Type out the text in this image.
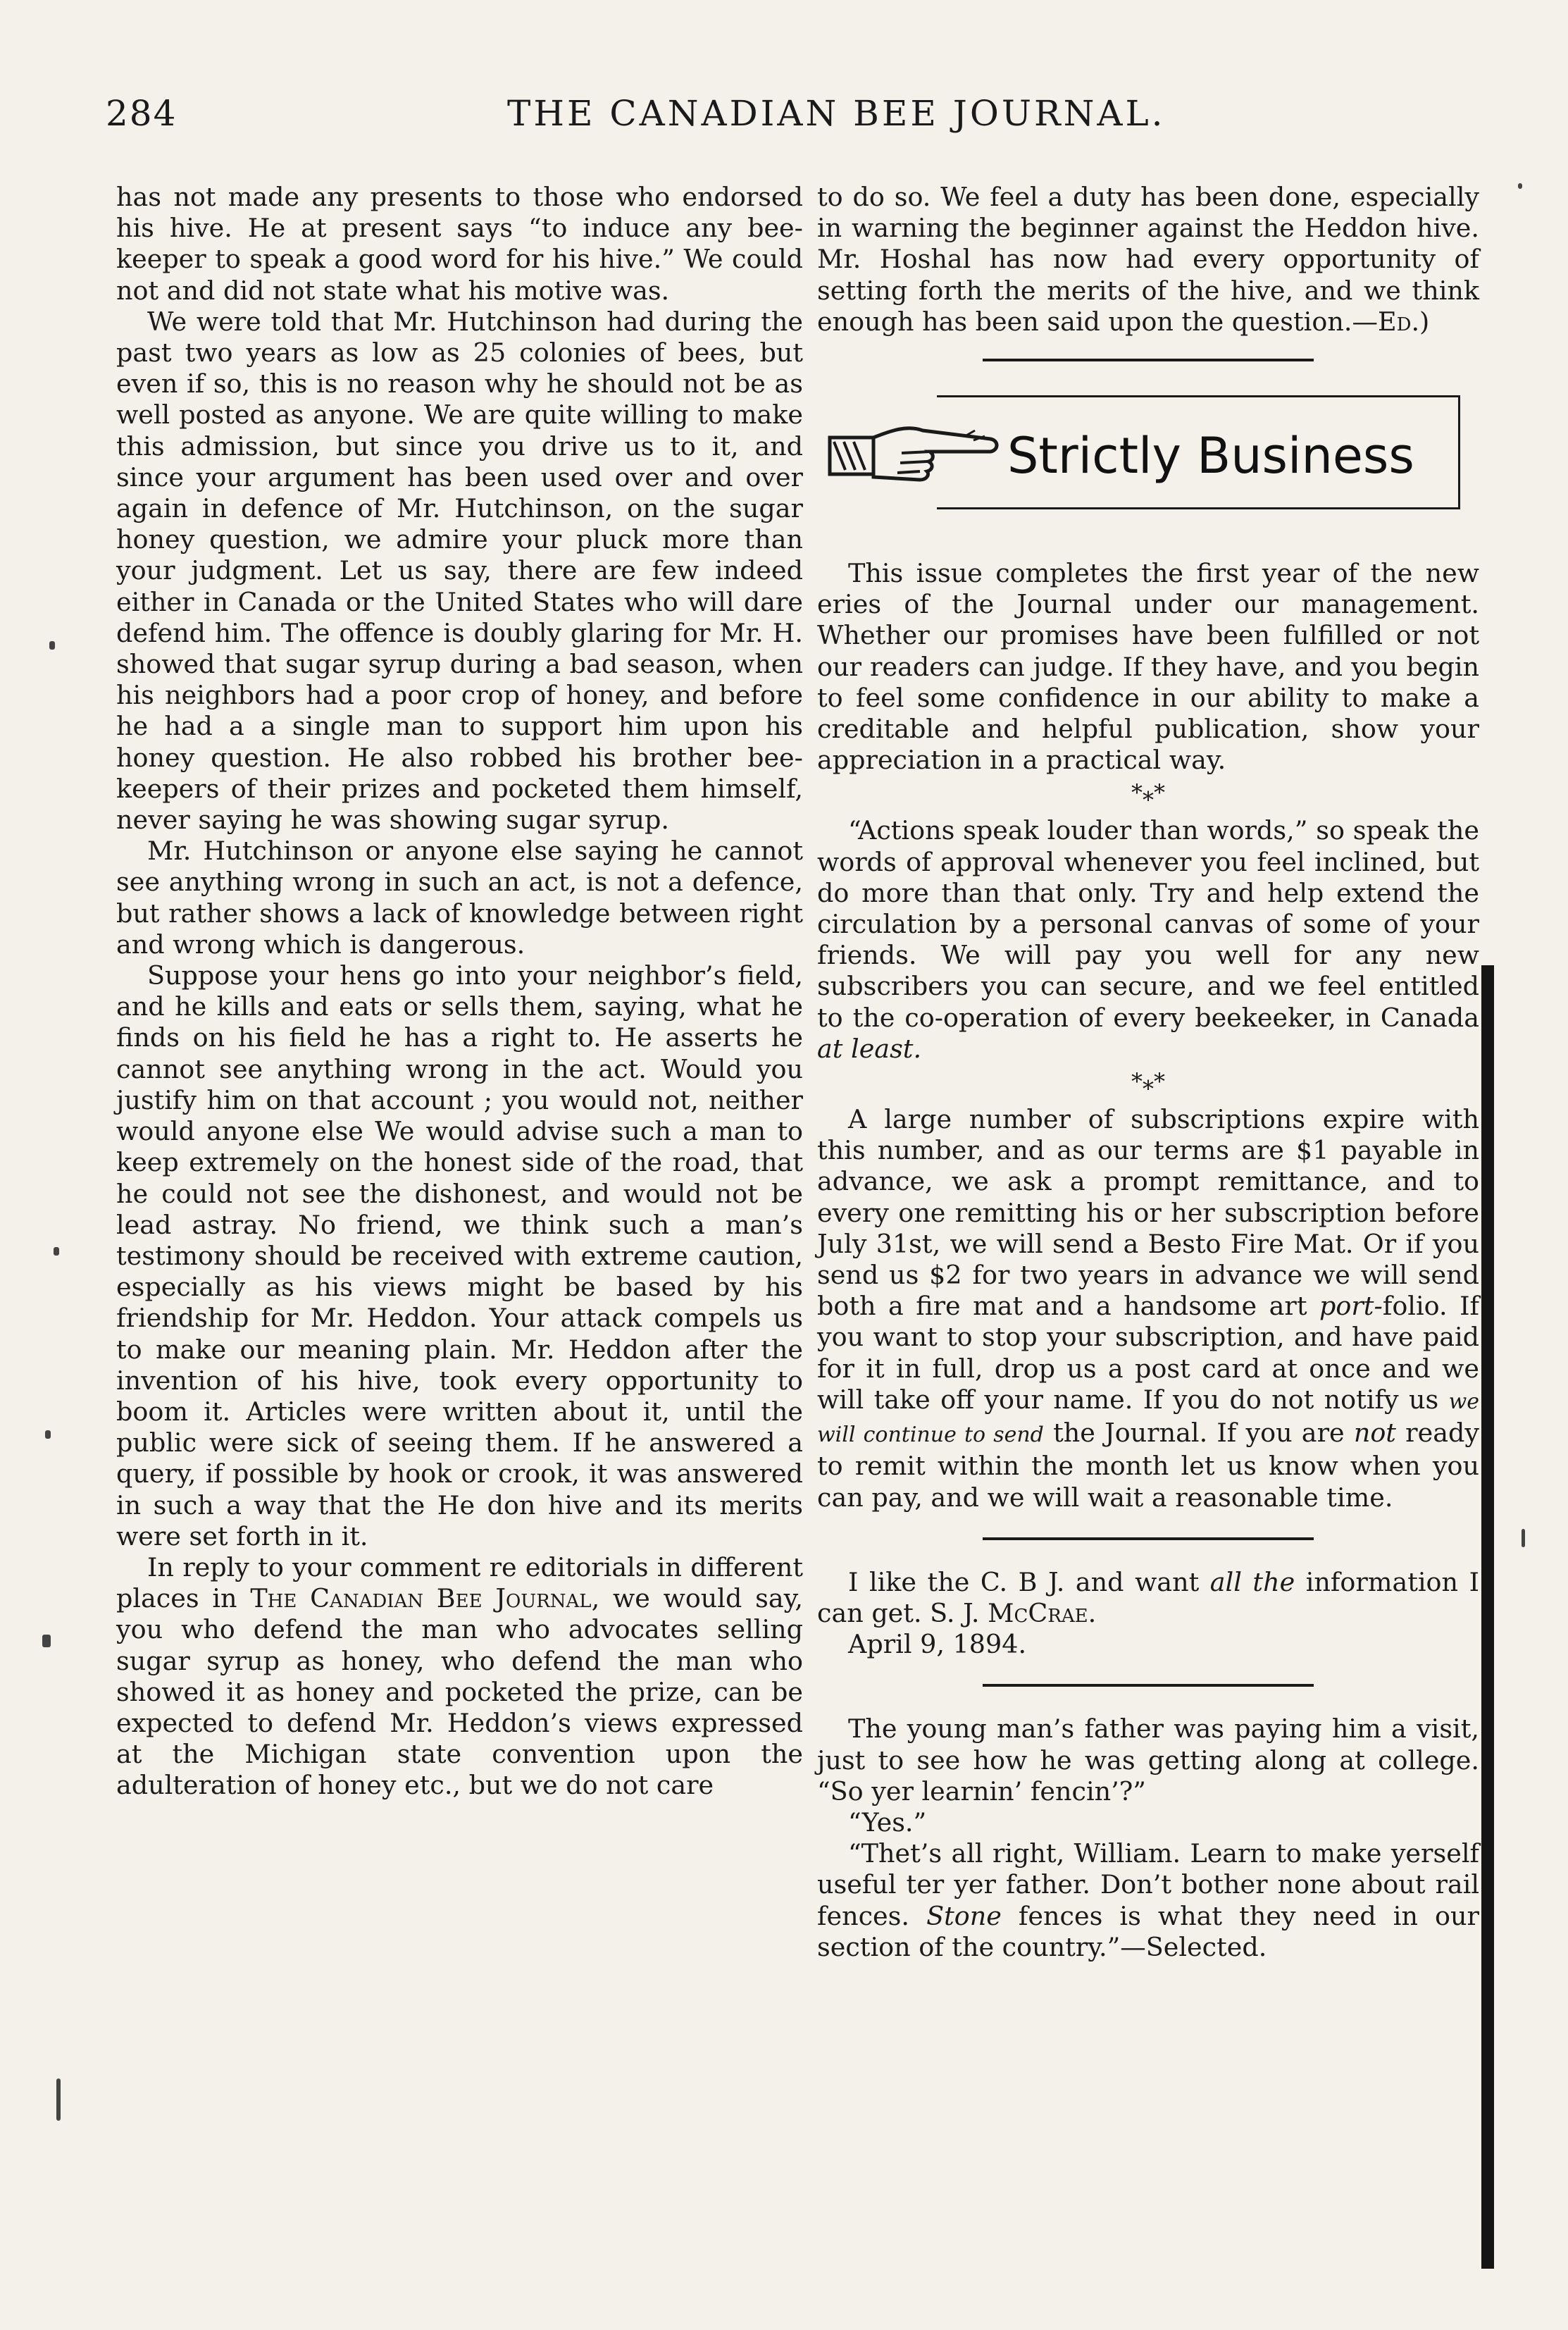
284	THE CANADIAN BEE JOURNAL.

has not made any presents to those who endorsed his hive. He at present says “to induce any bee-keeper to speak a good word for his hive.” We could not and did not state what his motive was.

We were told that Mr. Hutchinson had during the past two years as low as 25 colonies of bees, but even if so, this is no reason why he should not be as well posted as anyone. We are quite willing to make this admission, but since you drive us to it, and since your argument has been used over and over again in defence of Mr. Hutchinson, on the sugar honey question, we admire your pluck more than your judgment. Let us say, there are few indeed either in Canada or the United States who will dare defend him. The offence is doubly glaring for Mr. H. showed that sugar syrup during a bad season, when his neighbors had a poor crop of honey, and before he had a a single man to support him upon his honey question. He also robbed his brother bee-keepers of their prizes and pocketed them himself, never saying he was showing sugar syrup.

Mr. Hutchinson or anyone else saying he cannot see anything wrong in such an act, is not a defence, but rather shows a lack of knowledge between right and wrong which is dangerous.

Suppose your hens go into your neighbor’s field, and he kills and eats or sells them, saying, what he finds on his field he has a right to. He asserts he cannot see anything wrong in the act. Would you justify him on that account ; you would not, neither would anyone else We would advise such a man to keep extremely on the honest side of the road, that he could not see the dishonest, and would not be lead astray. No friend, we think such a man’s testimony should be received with extreme caution, especially as his views might be based by his friendship for Mr. Heddon. Your attack compels us to make our meaning plain. Mr. Heddon after the invention of his hive, took every opportunity to boom it. Articles were written about it, until the public were sick of seeing them. If he answered a query, if possible by hook or crook, it was answered in such a way that the He don hive and its merits were set forth in it.

In reply to your comment re editorials in different places in The Canadian Bee Journal, we would say, you who defend the man who advocates selling sugar syrup as honey, who defend the man who showed it as honey and pocketed the prize, can be expected to defend Mr. Heddon’s views expressed at the Michigan state convention upon the adulteration of honey etc., but we do not care

to do so. We feel a duty has been done, especially in warning the beginner against the Heddon hive. Mr. Hoshal has now had every opportunity of setting forth the merits of the hive, and we think enough has been said upon the question.—Ed.)

Strictly Business

This issue completes the first year of the new eries of the Journal under our management. Whether our promises have been fulfilled or not our readers can judge. If they have, and you begin to feel some confidence in our ability to make a creditable and helpful publication, show your appreciation in a practical way.

*⁎*

“Actions speak louder than words,” so speak the words of approval whenever you feel inclined, but do more than that only. Try and help extend the circulation by a personal canvas of some of your friends. We will pay you well for any new subscribers you can secure, and we feel entitled to the co-operation of every beekeeker, in Canada at least.

*⁎*

A large number of subscriptions expire with this number, and as our terms are $1 payable in advance, we ask a prompt remittance, and to every one remitting his or her subscription before July 31st, we will send a Besto Fire Mat. Or if you send us $2 for two years in advance we will send both a fire mat and a handsome art port-folio. If you want to stop your subscription, and have paid for it in full, drop us a post card at once and we will take off your name. If you do not notify us we will continue to send the Journal. If you are not ready to remit within the month let us know when you can pay, and we will wait a reasonable time.

I like the C. B J. and want all the information I can get. S. J. McCrae.

April 9, 1894.

The young man’s father was paying him a visit, just to see how he was getting along at college. “So yer learnin’ fencin’?”

“Yes.”

“Thet’s all right, William. Learn to make yerself useful ter yer father. Don’t bother none about rail fences. Stone fences is what they need in our section of the country.”—Selected.
